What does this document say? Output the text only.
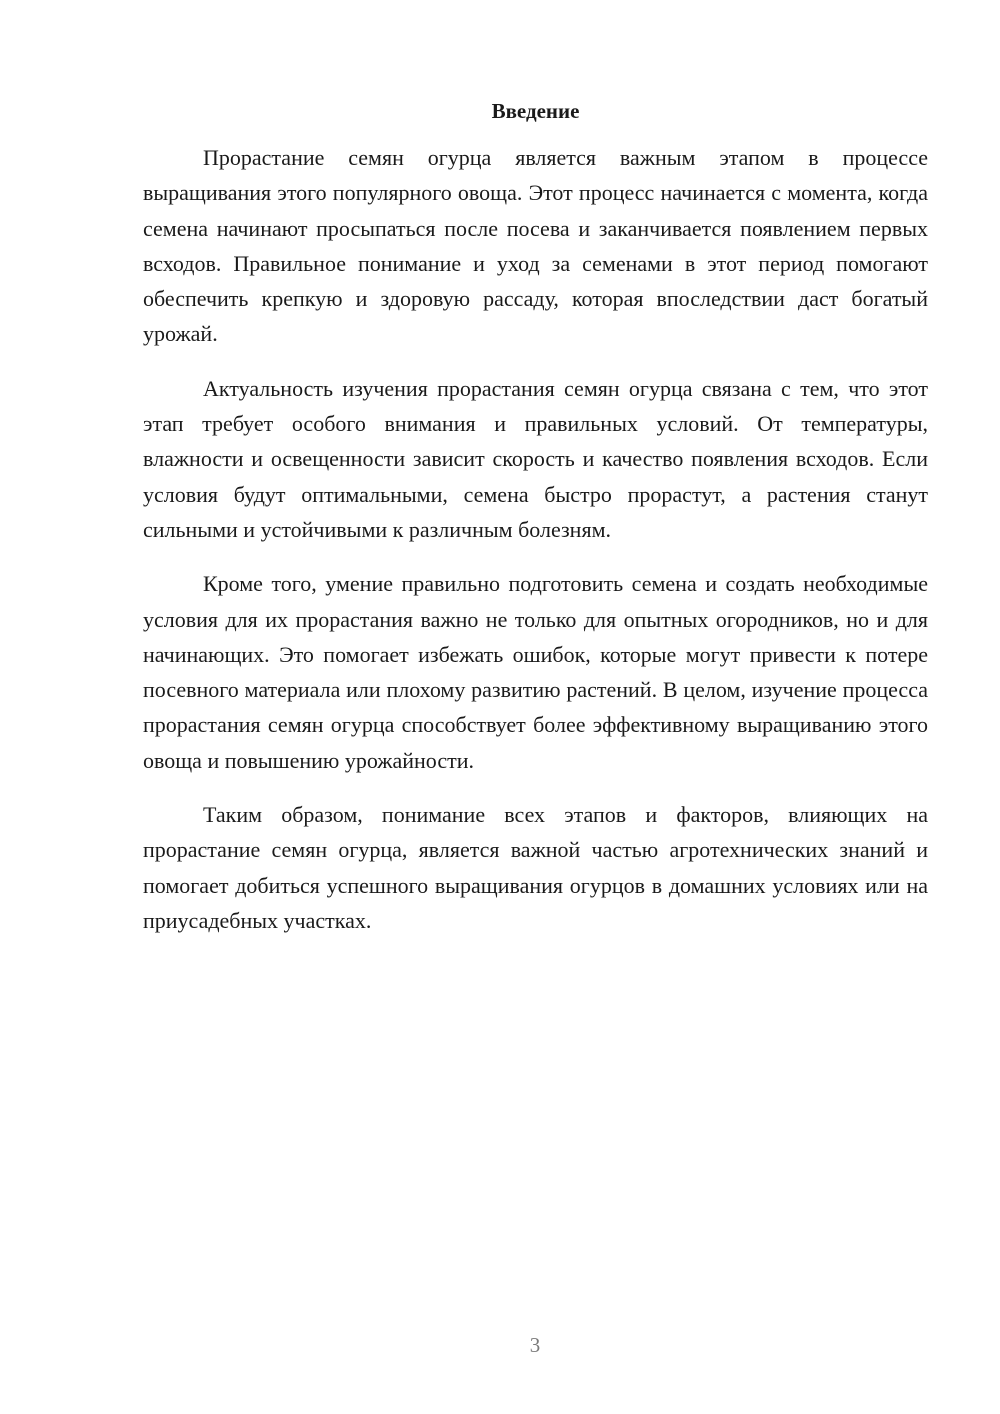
Введение

Прорастание семян огурца является важным этапом в процессе выращивания этого популярного овоща. Этот процесс начинается с момента, когда семена начинают просыпаться после посева и заканчивается появлением первых всходов. Правильное понимание и уход за семенами в этот период помогают обеспечить крепкую и здоровую рассаду, которая впоследствии даст богатый урожай.

Актуальность изучения прорастания семян огурца связана с тем, что этот этап требует особого внимания и правильных условий. От температуры, влажности и освещенности зависит скорость и качество появления всходов. Если условия будут оптимальными, семена быстро прорастут, а растения станут сильными и устойчивыми к различным болезням.

Кроме того, умение правильно подготовить семена и создать необходимые условия для их прорастания важно не только для опытных огородников, но и для начинающих. Это помогает избежать ошибок, которые могут привести к потере посевного материала или плохому развитию растений. В целом, изучение процесса прорастания семян огурца способствует более эффективному выращиванию этого овоща и повышению урожайности.

Таким образом, понимание всех этапов и факторов, влияющих на прорастание семян огурца, является важной частью агротехнических знаний и помогает добиться успешного выращивания огурцов в домашних условиях или на приусадебных участках.

3
